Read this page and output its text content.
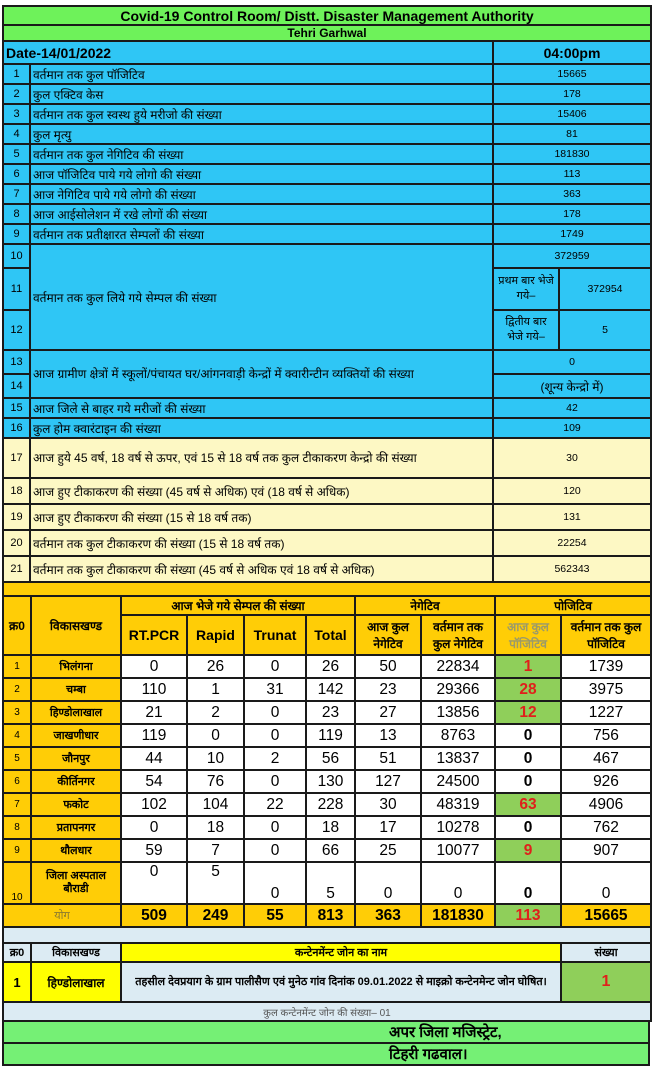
Covid-19 Control Room/ Distt. Disaster Management Authority			
Tehri Garhwal			
Date-14/01/2022		04:00pm	
1	वर्तमान तक कुल पॉजिटिव	15665	
2	कुल एक्टिव केस	178	
3	वर्तमान तक कुल स्वस्थ हुये मरीजो की संख्या	15406	
4	कुल मृत्यु	81	
5	वर्तमान तक कुल नेगिटिव की संख्या	181830	
6	आज पॉजिटिव पाये गये लोगो की संख्या	113	
7	आज नेगिटिव पाये गये लोगो की संख्या	363	
8	आज आईसोलेशन में रखे लोगों की संख्या	178	
9	वर्तमान तक प्रतीक्षारत सेम्पलों की संख्या	1749	
10	वर्तमान तक कुल लिये गये सेम्पल की संख्या	372959	
11		प्रथम बार भेजे गये–	372954
12		द्वितीय बार भेजे गये–	5
13	आज ग्रामीण क्षेत्रों में स्कूलों/पंचायत घर/आंगनवाड़ी केन्द्रों में क्वारीन्टीन व्यक्तियों की संख्या	0	
14		(शून्य केन्द्रो में)	
15	आज जिले से बाहर गये मरीजों की संख्या	42	
16	कुल होम क्वारंटाइन की संख्या	109	
17	आज हुये 45 वर्ष, 18 वर्ष से ऊपर, एवं 15 से 18 वर्ष तक कुल टीकाकरण केन्द्रो की संख्या	30	
18	आज हुए टीकाकरण की संख्या (45 वर्ष से अधिक) एवं (18 वर्ष से अधिक)	120	
19	आज हुए टीकाकरण की संख्या (15 से 18 वर्ष तक)	131	
20	वर्तमान तक कुल टीकाकरण की संख्या (15 से 18 वर्ष तक)	22254	
21	वर्तमान तक कुल टीकाकरण की संख्या (45 वर्ष से अधिक एवं 18 वर्ष से अधिक)	562343	

क्र0	विकासखण्ड	आज भेजे गये सेम्पल की संख्या				नेगेटिव		पोजिटिव	
		RT.PCR	Rapid	Trunat	Total	आज कुल नेगेटिव	वर्तमान तक कुल नेगेटिव	आज कुल पॉजिटिव	वर्तमान तक कुल पॉजिटिव
1	भिलंगना	0	26	0	26	50	22834	1	1739
2	चम्बा	110	1	31	142	23	29366	28	3975
3	हिण्डोलाखाल	21	2	0	23	27	13856	12	1227
4	जाखणीधार	119	0	0	119	13	8763	0	756
5	जौनपुर	44	10	2	56	51	13837	0	467
6	कीर्तिनगर	54	76	0	130	127	24500	0	926
7	फकोट	102	104	22	228	30	48319	63	4906
8	प्रतापनगर	0	18	0	18	17	10278	0	762
9	थौलधार	59	7	0	66	25	10077	9	907
10	जिला अस्पताल बौराडी	0	5	0	5	0	0	0	0
योग		509	249	55	813	363	181830	113	15665

क्र0	विकासखण्ड	कन्टेनमेंन्ट जोन का नाम	संख्या
1	हिण्डोलाखाल	तहसील देवप्रयाग के ग्राम पालीसैण एवं मुनेठ गांव दिनांक 09.01.2022 से माइक्रो कन्टेनमेन्ट जोन घोषित।	1
कुल कन्टेनमेंन्ट जोन की संख्या– 01			
अपर जिला मजिस्ट्रेट,
टिहरी गढवाल।
